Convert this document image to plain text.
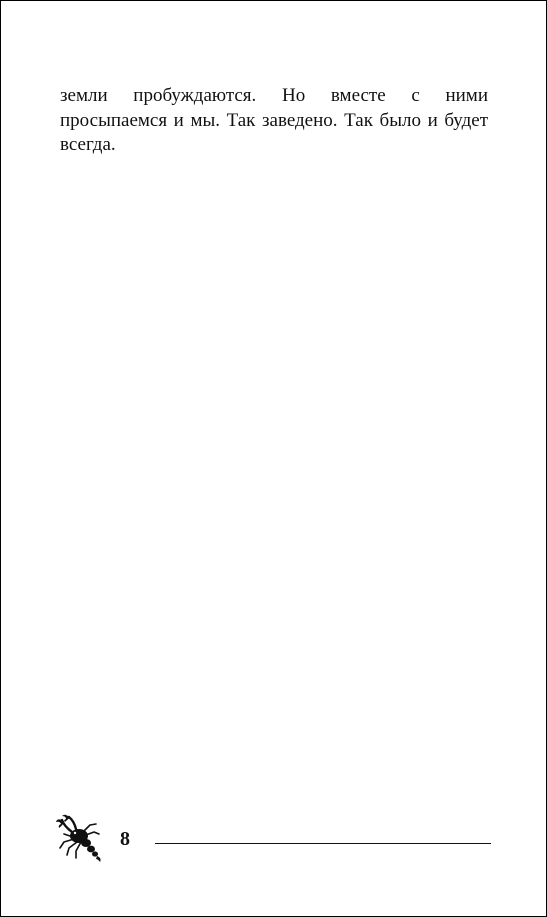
земли пробуждаются. Но вместе с ними просыпаемся и мы. Так заведено. Так было и будет всегда.

8
